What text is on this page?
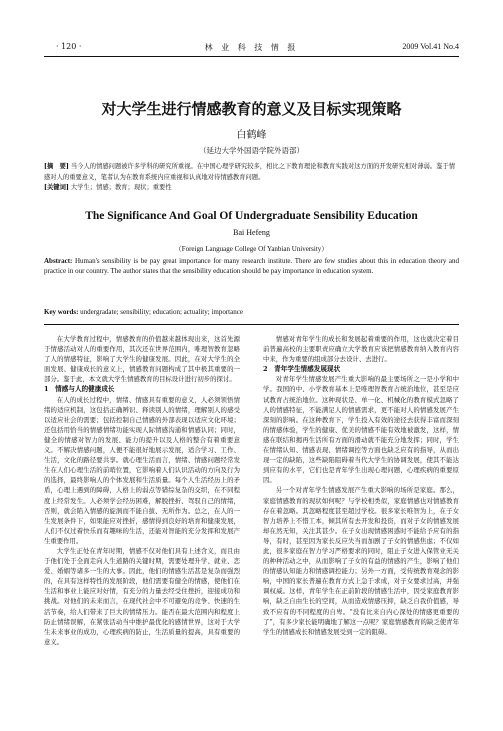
· 120 ·	林 业 科 技 情 报	2009 Vol.41 No.4
对大学生进行情感教育的意义及目标实现策略
白鹤峰
（延边大学外国语学院外语部）
[摘　要] 当今人的情感问题被许多学科的研究所重视。在中国心理学研究较多，相比之下教育理论和教育实践对这方面的开发研究相对薄弱。鉴于情感对人的重要意义，笔者认为在教育系统内应重视和认真地对待情感教育问题。
[关键词] 大学生；情感；教育；现状；重要性
The Significance And Goal Of Undergraduate Sensibility Education
Bai Hefeng
（Foreign Language College Of Yanbian University）
Abstract: Human's sensibility is be pay great importance for many research institute. There are few studies about this in education theory and practice in our country. The author states that the sensibility education should be pay importance in education system.
Key words: undergradate; sensibility; education; actuality; importance

在大学教育过程中，情感教育的价值越来越体现出来，这首先源于情感活动对人的重要作用，其次还在世界范围内，唯理智教育忽略了人的情感特征，影响了大学生的健康发展。因此，在对大学生的全面发展、健康成长的意义上，情感教育问题构成了其中极其重要的一部分。鉴于此，本文就大学生情感教育的目标设计进行初步的探讨。

1　情感与人的健康成长

在人的成长过程中，情绪、情感具有重要的意义，人必须领悟情绪的适应机制，这包括正确辨识、释读别人的情绪，理解别人的感受以适应社会的需要；包括控制自己情感的外部表现以适应文化环境；还包括用恰当的情感情绪功能实现人际情感沟通和情感认同；同时，健全的情感对智力的发展、能力的提升以及人格的整合有着重要意义。不解决情感问题，人便不能很好地展示发展，适合学习、工作、生活，文化的路径要共享。就心理生活而言，情绪、情感问题经常发生在人们心理生活的前哨位置，它影响着人们认识活动的方向及行为的选择，最终影响人的个体发展和生活质量。每个人生活经历上的矛盾，心理上遇到的障碍，人格上的弱点等错综复杂的交织，在不同程度上经常发生。人必须学会经历困难，解脱挫折、驾驭自己的情绪，否则，就会陷入情感的旋涡而不能自拔、无所作为。总之，在人的一生发展条件下，如果能应对挫折，感情得到良好的培育和健康发展，人们不仅过着快乐而有趣味的生活，还能对智能的充分发挥和发展产生重要作用。

大学生正处在青年时期，情感不仅对他们具有上述含义，而且由于他们处于全面走向人生道路的关键时期，需要处理升学、就业、恋爱、婚姻等诸多一生的大事。因此，他们的情感生活甚是复杂而强烈的，在具有这样特性的发展阶段，他们需要有健全的情感，使他们在生活和事业上能应对好情，有充分的力量去经受住挫折，迎接成功和挑战。对他们的未来而言，在现代社会中不可避免的竞争、快速的生活节奏，给人们带来了巨大的情绪压力。能否在最大范围内和程度上防止情绪误解，在紧张活动当中维护最优化的感情世界，这对于大学生未来事业的成功，心理疾病的防止，生活质量的提高，具有重要的意义。

情感对青年学生的成长和发展起着重要的作用，这也就决定着目前普遍高校的主要职责应确立大学教育应该把情感教育纳入教育内容中来，作为重要的组成部分去设计、去进行。

2　青年学生情感发展现状

对青年学生情感发展产生重大影响的最主要场所之一是小学和中学。我国的中、小学教育基本上是唯理智教育占统治地位，甚至是应试教育占统治地位。这种现状是、单一化、机械化的教育模式忽略了人的情感特征，不能满足人的情感需求，更不能对人的情感发展产生深刻的影响。在这种教育下，学生投入有效的途径去获得丰富而深刻的情感体验，学生的健康、优美的情感不能有效地被激发，这样，情感在联结和揭再生活所有方面的滑动就不能充分地发挥；同时，学生在情绪认知、情感表现、情绪调控等方面也缺乏应有的指导，从而出现一定的缺陷，这些缺陷阻碍着当代大学生的协调发展，使其不能达到应有的水平，它们也是青年学生出现心理问题、心理疾病的重要原因。

另一个对青年学生情感发展产生重大影响的场所是家庭。那么，家庭情感教育的现状如何呢？与学校相类似，家庭情感也对情感教育存在着忽略。其忽略程度甚至超过学校。很多家长唯智为上，在子女智力培养上不惜工本，倾其所有去开发和投资，而对子女的情感发展却在然无知，关注其甚少。在子女出现情感困惑时不能给予应有的指导，有时，甚至因为家长反应失当而加剧了子女的情感焦虑；不仅如此，很多家庭在智力学习严格要求的同时，阻止子女进入保管业无关的种种活动之中，从而影响了子女的有益的情感的产生，影响了他们的情感认知能力和情感调控能力；另外一方面，受传统教育观念的影响，中国的家长普遍在教育方式上急于求成，对子女要求过高，并强调权威。这样，青年学生在正前阶段的情感生活中，因受家庭教育影响，缺乏自由生长的空间，从而造成情感压抑，缺乏自我价值感，导致不应有的不同程度的自卑。“没有比来自内心深处的情感更重要的了”，有多少家长能明确地了解这一点呢？家庭情感教育的缺乏使青年学生的情感成长和情感发展受到一定的阻碍。
